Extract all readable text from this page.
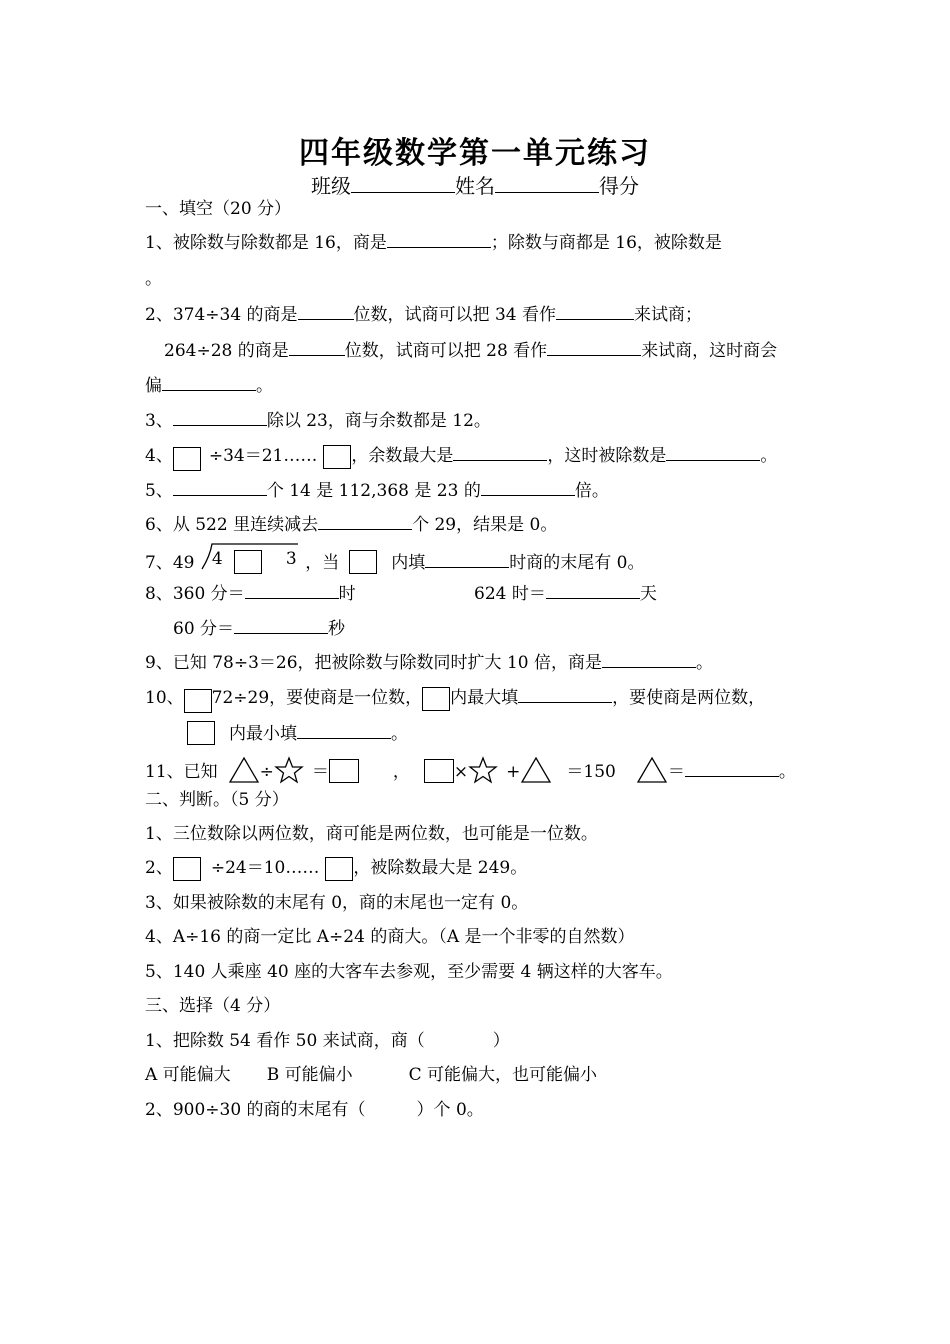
四年级数学第一单元练习
班级	姓名	得分
一、填空（20 分）
1、被除数与除数都是 16，商是	；除数与商都是 16，被除数是
。
2、374÷34 的商是	位数，试商可以把 34 看作	来试商；
264÷28 的商是	位数，试商可以把 28 看作	来试商，这时商会
偏	。
3、	除以 23，商与余数都是 12。
4、 ÷34＝21…… ，余数最大是	，这时被除数是	。
5、	个 14 是 112,368 是 23 的	倍。
6、从 522 里连续减去	个 29，结果是 0。
7、49 4	3 ，当	内填	时商的末尾有 0。
8、360 分＝	时	624 时＝	天
60 分＝	秒
9、已知 78÷3＝26，把被除数与除数同时扩大 10 倍，商是	。
10、 72÷29，要使商是一位数， 内最大填	，要使商是两位数，
内最小填	。
11、已知 ÷ ＝	，	× +	＝150	＝	。
二、判断。（5 分）
1、三位数除以两位数，商可能是两位数，也可能是一位数。
2、 ÷24＝10…… ，被除数最大是 249。
3、如果被除数的末尾有 0，商的末尾也一定有 0。
4、A÷16 的商一定比 A÷24 的商大。（A 是一个非零的自然数）
5、140 人乘座 40 座的大客车去参观，至少需要 4 辆这样的大客车。
三、选择（4 分）
1、把除数 54 看作 50 来试商，商（　　　　）
A 可能偏大 B 可能偏小	C 可能偏大，也可能偏小
2、900÷30 的商的末尾有（　　　）个 0。
